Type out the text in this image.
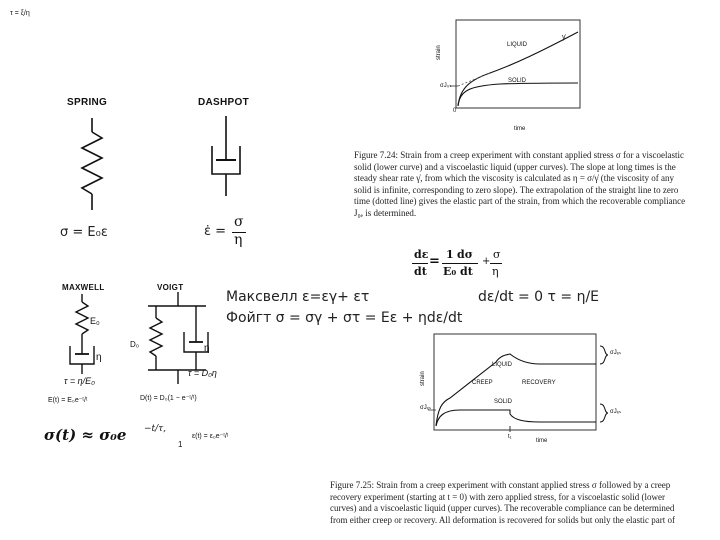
τ = ξ/η
SPRING
σ = E₀ε
DASHPOT
ε̇ =
σ
η
MAXWELL
E₀
η
τ = η/E₀
E(t) = E₀e⁻ᵗ/ᵗ
VOIGT
D₀	η
τ = D₀η
D(t) = D₀(1 − e⁻ᵗ/ᵗ)
σ(t) ≈ σ₀e −t/τ,
1
ε(t) = ε₀e⁻ᵗ/ᵗ
LIQUID
γ̇
SOLID
strain
σJ₀ₛ
0
time
Figure 7.24: Strain from a creep experiment with constant applied stress σ for a viscoelastic solid (lower curve) and a viscoelastic liquid (upper curves). The slope at long times is the steady shear rate γ̇, from which the viscosity is calculated as η = σ/γ̇ (the viscosity of any solid is infinite, corresponding to zero slope). The extrapolation of the straight line to zero time (dotted line) gives the elastic part of the strain, from which the recoverable compliance J₀ₑ is determined.
dε
dt
= 1 dσ
E₀ dt
+
σ
η
Максвелл ε=εγ+ ετ	dε/dt = 0 τ = η/E
Фойгт σ = σγ + στ = Eε + ηdε/dt
strain
LIQUID
CREEP	RECOVERY
SOLID
σJₑₛ
σJₑₛ
σJₑₛ
t₁
time
Figure 7.25: Strain from a creep experiment with constant applied stress σ followed by a creep recovery experiment (starting at t = 0) with zero applied stress, for a viscoelastic solid (lower curves) and a viscoelastic liquid (upper curves). The recoverable compliance can be determined from either creep or recovery. All deformation is recovered for solids but only the elastic part of
